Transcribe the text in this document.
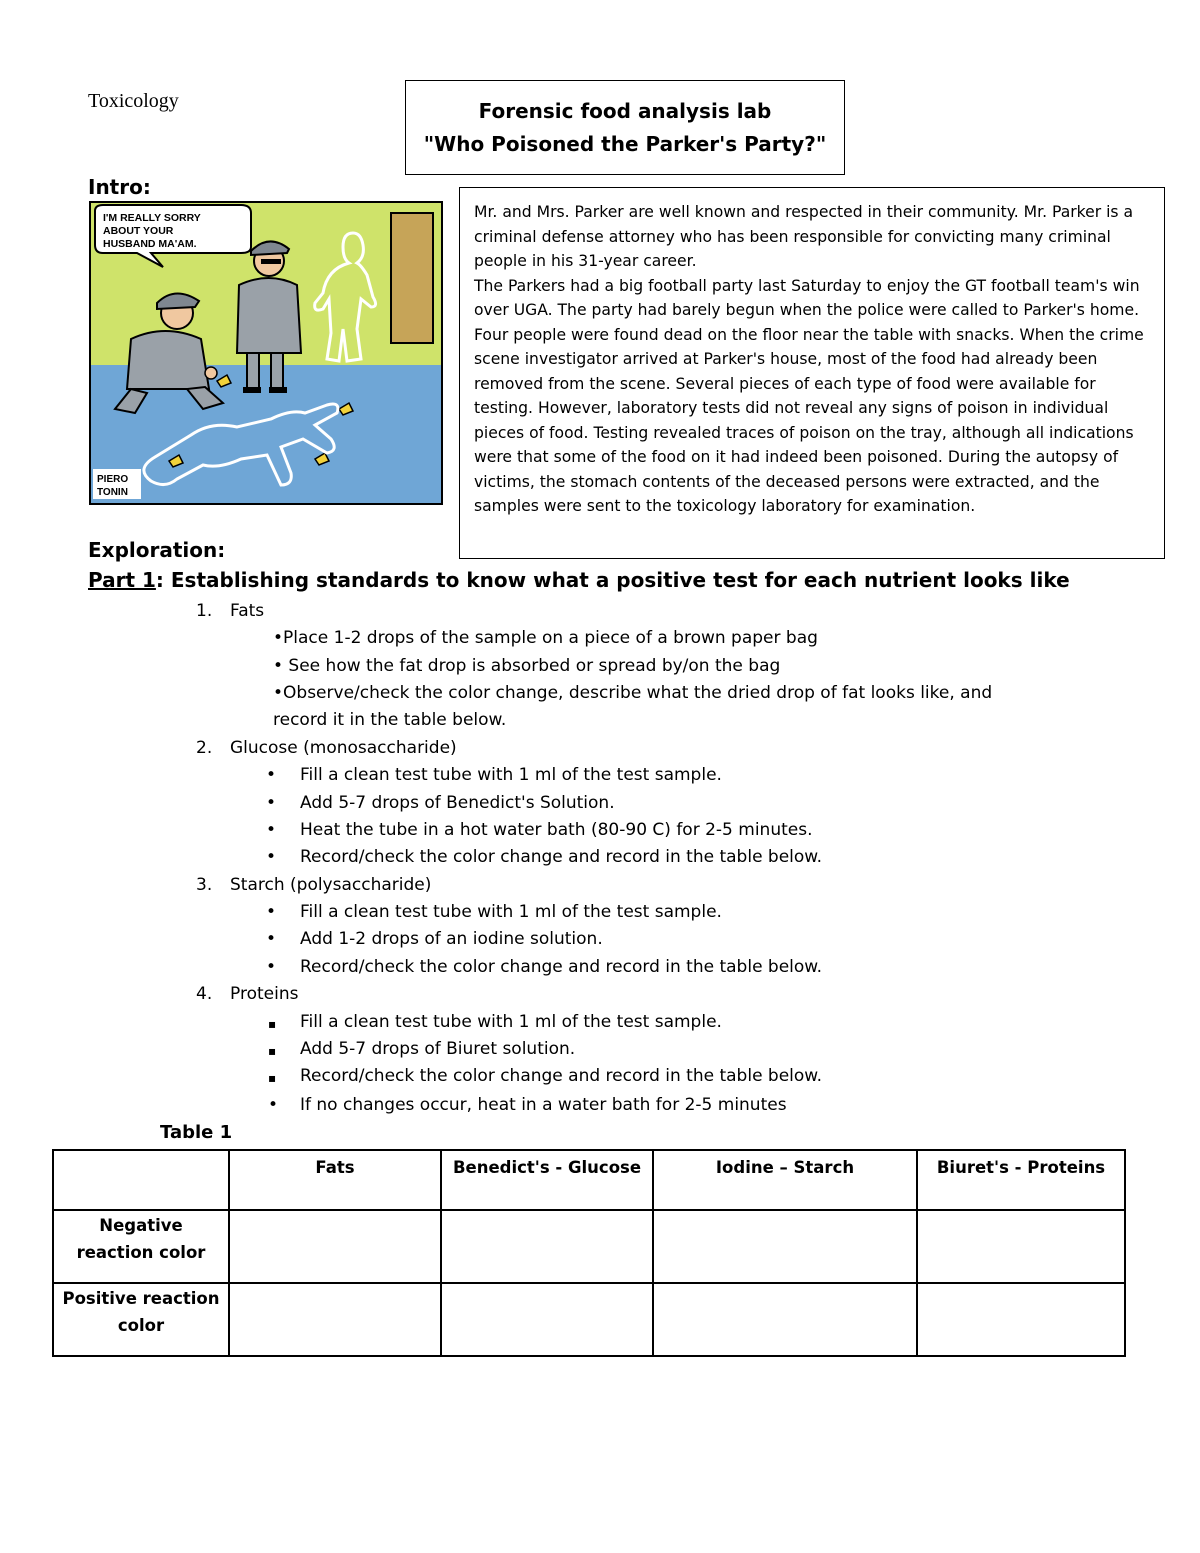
Toxicology	Forensic food analysis lab
"Who Poisoned the Parker's Party?"
Intro:
I'M REALLY SORRY
ABOUT YOUR
HUSBAND MA'AM.
PIERO
TONIN

Mr. and Mrs. Parker are well known and respected in their community. Mr. Parker is a criminal defense attorney who has been responsible for convicting many criminal people in his 31-year career.

The Parkers had a big football party last Saturday to enjoy the GT football team's win over UGA. The party had barely begun when the police were called to Parker's home. Four people were found dead on the floor near the table with snacks. When the crime scene investigator arrived at Parker's house, most of the food had already been removed from the scene. Several pieces of each type of food were available for testing. However, laboratory tests did not reveal any signs of poison in individual pieces of food. Testing revealed traces of poison on the tray, although all indications were that some of the food on it had indeed been poisoned. During the autopsy of victims, the stomach contents of the deceased persons were extracted, and the samples were sent to the toxicology laboratory for examination.

Exploration:
Part 1: Establishing standards to know what a positive test for each nutrient looks like
1. Fats
•Place 1-2 drops of the sample on a piece of a brown paper bag
• See how the fat drop is absorbed or spread by/on the bag
•Observe/check the color change, describe what the dried drop of fat looks like, and
record it in the table below.
2. Glucose (monosaccharide)
• Fill a clean test tube with 1 ml of the test sample.
• Add 5-7 drops of Benedict's Solution.
• Heat the tube in a hot water bath (80-90 C) for 2-5 minutes.
• Record/check the color change and record in the table below.
3. Starch (polysaccharide)
• Fill a clean test tube with 1 ml of the test sample.
• Add 1-2 drops of an iodine solution.
• Record/check the color change and record in the table below.
4. Proteins
▪ Fill a clean test tube with 1 ml of the test sample.
▪ Add 5-7 drops of Biuret solution.
▪ Record/check the color change and record in the table below.
• If no changes occur, heat in a water bath for 2-5 minutes
Table 1
	Fats	Benedict's - Glucose	Iodine – Starch	Biuret's - Proteins
Negative reaction color				
Positive reaction color				
